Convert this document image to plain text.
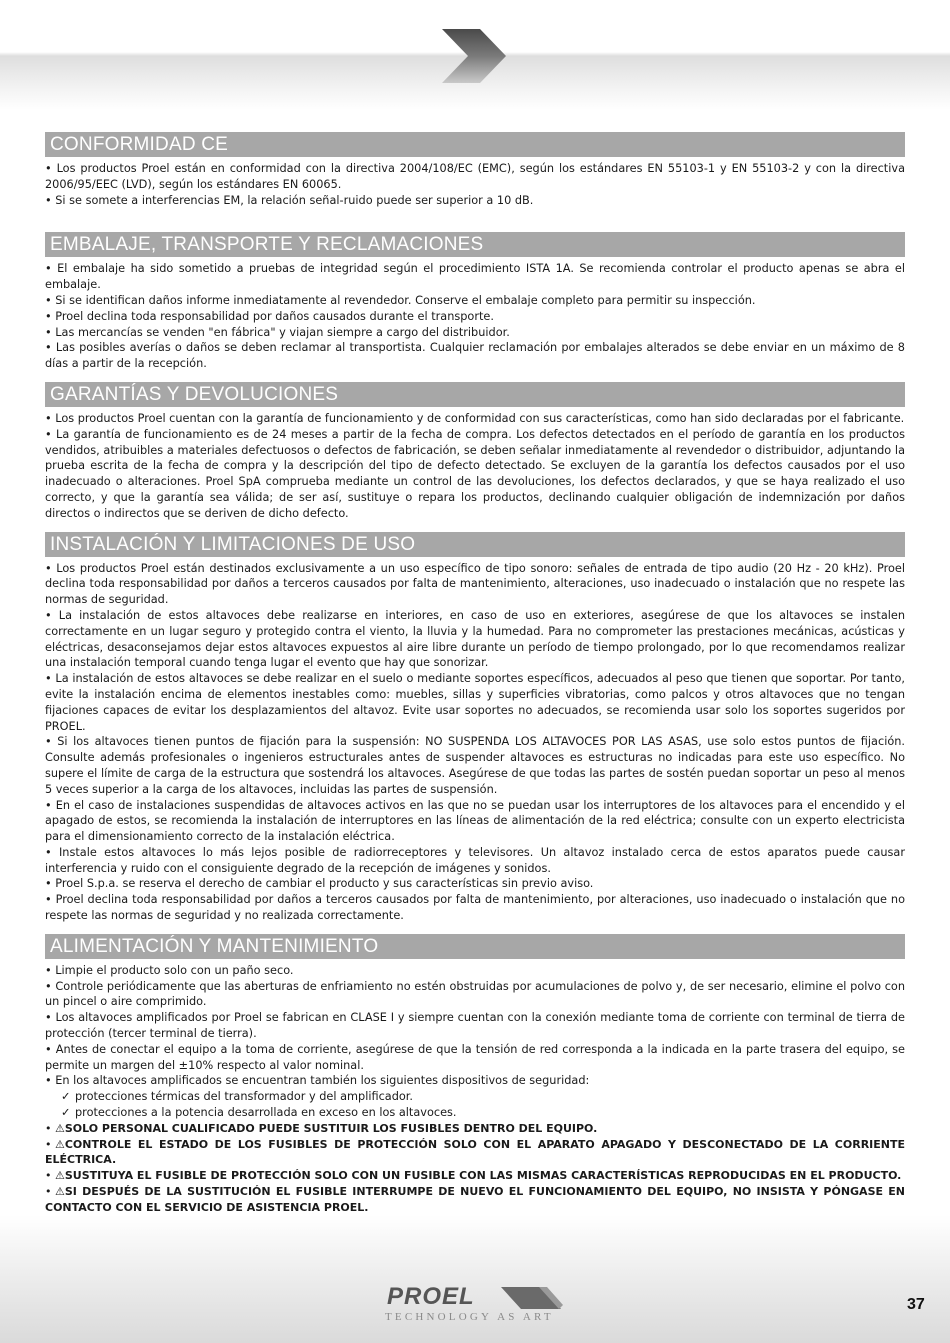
CONFORMIDAD CE

• Los productos Proel están en conformidad con la directiva 2004/108/EC (EMC), según los estándares EN 55103-1 y EN 55103-2 y con la directiva 2006/95/EEC (LVD), según los estándares EN 60065.

• Si se somete a interferencias EM, la relación señal-ruido puede ser superior a 10 dB.

EMBALAJE, TRANSPORTE Y RECLAMACIONES

• El embalaje ha sido sometido a pruebas de integridad según el procedimiento ISTA 1A. Se recomienda controlar el producto apenas se abra el embalaje.

• Si se identifican daños informe inmediatamente al revendedor. Conserve el embalaje completo para permitir su inspección.

• Proel declina toda responsabilidad por daños causados durante el transporte.

• Las mercancías se venden "en fábrica" y viajan siempre a cargo del distribuidor.

• Las posibles averías o daños se deben reclamar al transportista. Cualquier reclamación por embalajes alterados se debe enviar en un máximo de 8 días a partir de la recepción.

GARANTÍAS Y DEVOLUCIONES

• Los productos Proel cuentan con la garantía de funcionamiento y de conformidad con sus características, como han sido declaradas por el fabricante.

• La garantía de funcionamiento es de 24 meses a partir de la fecha de compra. Los defectos detectados en el período de garantía en los productos vendidos, atribuibles a materiales defectuosos o defectos de fabricación, se deben señalar inmediatamente al revendedor o distribuidor, adjuntando la prueba escrita de la fecha de compra y la descripción del tipo de defecto detectado. Se excluyen de la garantía los defectos causados por el uso inadecuado o alteraciones. Proel SpA comprueba mediante un control de las devoluciones, los defectos declarados, y que se haya realizado el uso correcto, y que la garantía sea válida; de ser así, sustituye o repara los productos, declinando cualquier obligación de indemnización por daños directos o indirectos que se deriven de dicho defecto.

INSTALACIÓN Y LIMITACIONES DE USO

• Los productos Proel están destinados exclusivamente a un uso específico de tipo sonoro: señales de entrada de tipo audio (20 Hz - 20 kHz). Proel declina toda responsabilidad por daños a terceros causados por falta de mantenimiento, alteraciones, uso inadecuado o instalación que no respete las normas de seguridad.

• La instalación de estos altavoces debe realizarse en interiores, en caso de uso en exteriores, asegúrese de que los altavoces se instalen correctamente en un lugar seguro y protegido contra el viento, la lluvia y la humedad. Para no comprometer las prestaciones mecánicas, acústicas y eléctricas, desaconsejamos dejar estos altavoces expuestos al aire libre durante un período de tiempo prolongado, por lo que recomendamos realizar una instalación temporal cuando tenga lugar el evento que hay que sonorizar.

• La instalación de estos altavoces se debe realizar en el suelo o mediante soportes específicos, adecuados al peso que tienen que soportar. Por tanto, evite la instalación encima de elementos inestables como: muebles, sillas y superficies vibratorias, como palcos y otros altavoces que no tengan fijaciones capaces de evitar los desplazamientos del altavoz. Evite usar soportes no adecuados, se recomienda usar solo los soportes sugeridos por PROEL.

• Si los altavoces tienen puntos de fijación para la suspensión: NO SUSPENDA LOS ALTAVOCES POR LAS ASAS, use solo estos puntos de fijación. Consulte además profesionales o ingenieros estructurales antes de suspender altavoces es estructuras no indicadas para este uso específico. No supere el límite de carga de la estructura que sostendrá los altavoces. Asegúrese de que todas las partes de sostén puedan soportar un peso al menos 5 veces superior a la carga de los altavoces, incluidas las partes de suspensión.

• En el caso de instalaciones suspendidas de altavoces activos en las que no se puedan usar los interruptores de los altavoces para el encendido y el apagado de estos, se recomienda la instalación de interruptores en las líneas de alimentación de la red eléctrica; consulte con un experto electricista para el dimensionamiento correcto de la instalación eléctrica.

• Instale estos altavoces lo más lejos posible de radiorreceptores y televisores. Un altavoz instalado cerca de estos aparatos puede causar interferencia y ruido con el consiguiente degrado de la recepción de imágenes y sonidos.

• Proel S.p.a. se reserva el derecho de cambiar el producto y sus características sin previo aviso.

• Proel declina toda responsabilidad por daños a terceros causados por falta de mantenimiento, por alteraciones, uso inadecuado o instalación que no respete las normas de seguridad y no realizada correctamente.

ALIMENTACIÓN Y MANTENIMIENTO

• Limpie el producto solo con un paño seco.

• Controle periódicamente que las aberturas de enfriamiento no estén obstruidas por acumulaciones de polvo y, de ser necesario, elimine el polvo con un pincel o aire comprimido.

• Los altavoces amplificados por Proel se fabrican en CLASE I y siempre cuentan con la conexión mediante toma de corriente con terminal de tierra de protección (tercer terminal de tierra).

• Antes de conectar el equipo a la toma de corriente, asegúrese de que la tensión de red corresponda a la indicada en la parte trasera del equipo, se permite un margen del ±10% respecto al valor nominal.

• En los altavoces amplificados se encuentran también los siguientes dispositivos de seguridad:

✓ protecciones térmicas del transformador y del amplificador.

✓ protecciones a la potencia desarrollada en exceso en los altavoces.

• ⚠SOLO PERSONAL CUALIFICADO PUEDE SUSTITUIR LOS FUSIBLES DENTRO DEL EQUIPO.

• ⚠CONTROLE EL ESTADO DE LOS FUSIBLES DE PROTECCIÓN SOLO CON EL APARATO APAGADO Y DESCONECTADO DE LA CORRIENTE ELÉCTRICA.

• ⚠SUSTITUYA EL FUSIBLE DE PROTECCIÓN SOLO CON UN FUSIBLE CON LAS MISMAS CARACTERÍSTICAS REPRODUCIDAS EN EL PRODUCTO.

• ⚠SI DESPUÉS DE LA SUSTITUCIÓN EL FUSIBLE INTERRUMPE DE NUEVO EL FUNCIONAMIENTO DEL EQUIPO, NO INSISTA Y PÓNGASE EN CONTACTO CON EL SERVICIO DE ASISTENCIA PROEL.

PROEL
TECHNOLOGY AS ART
37
